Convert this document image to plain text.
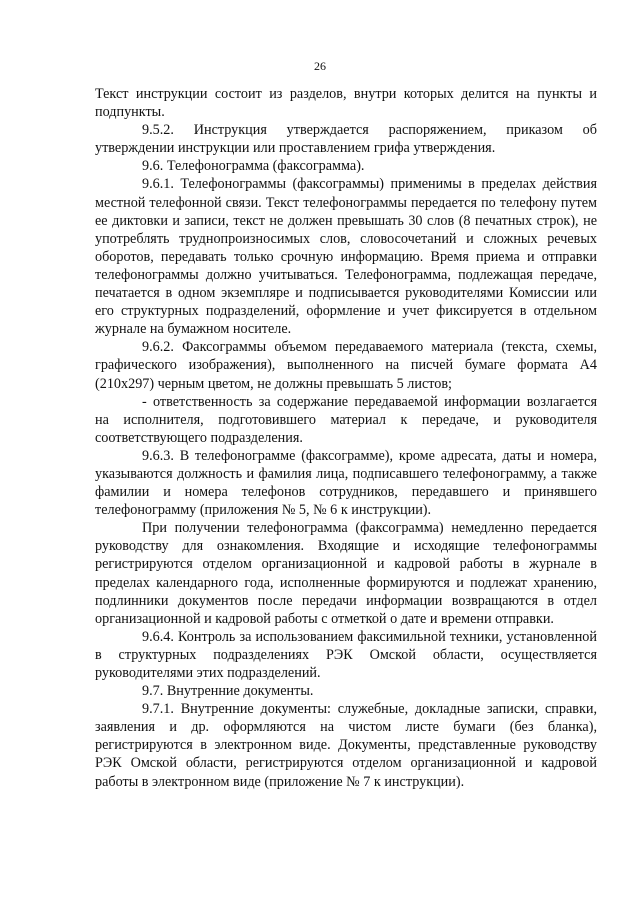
26

Текст инструкции состоит из разделов, внутри которых делится на пункты и подпункты.

9.5.2. Инструкция утверждается распоряжением, приказом об утверждении инструкции или проставлением грифа утверждения.

9.6. Телефонограмма (факсограмма).

9.6.1. Телефонограммы (факсограммы) применимы в пределах действия местной телефонной связи. Текст телефонограммы передается по телефону путем ее диктовки и записи, текст не должен превышать 30 слов (8 печатных строк), не употреблять труднопроизносимых слов, словосочетаний и сложных речевых оборотов, передавать только срочную информацию. Время приема и отправки телефонограммы должно учитываться. Телефонограмма, подлежащая передаче, печатается в одном экземпляре и подписывается руководителями Комиссии или его структурных подразделений, оформление и учет фиксируется в отдельном журнале на бумажном носителе.

9.6.2. Факсограммы объемом передаваемого материала (текста, схемы, графического изображения), выполненного на писчей бумаге формата А4 (210х297) черным цветом, не должны превышать 5 листов;

- ответственность за содержание передаваемой информации возлагается на исполнителя, подготовившего материал к передаче, и руководителя соответствующего подразделения.

9.6.3. В телефонограмме (факсограмме), кроме адресата, даты и номера, указываются должность и фамилия лица, подписавшего телефонограмму, а также фамилии и номера телефонов сотрудников, передавшего и принявшего телефонограмму (приложения № 5, № 6 к инструкции).

При получении телефонограмма (факсограмма) немедленно передается руководству для ознакомления. Входящие и исходящие телефонограммы регистрируются отделом организационной и кадровой работы в журнале в пределах календарного года, исполненные формируются и подлежат хранению, подлинники документов после передачи информации возвращаются в отдел организационной и кадровой работы с отметкой о дате и времени отправки.

9.6.4. Контроль за использованием факсимильной техники, установленной в структурных подразделениях РЭК Омской области, осуществляется руководителями этих подразделений.

9.7. Внутренние документы.

9.7.1. Внутренние документы: служебные, докладные записки, справки, заявления и др. оформляются на чистом листе бумаги (без бланка), регистрируются в электронном виде. Документы, представленные руководству РЭК Омской области, регистрируются отделом организационной и кадровой работы в электронном виде (приложение № 7 к инструкции).
